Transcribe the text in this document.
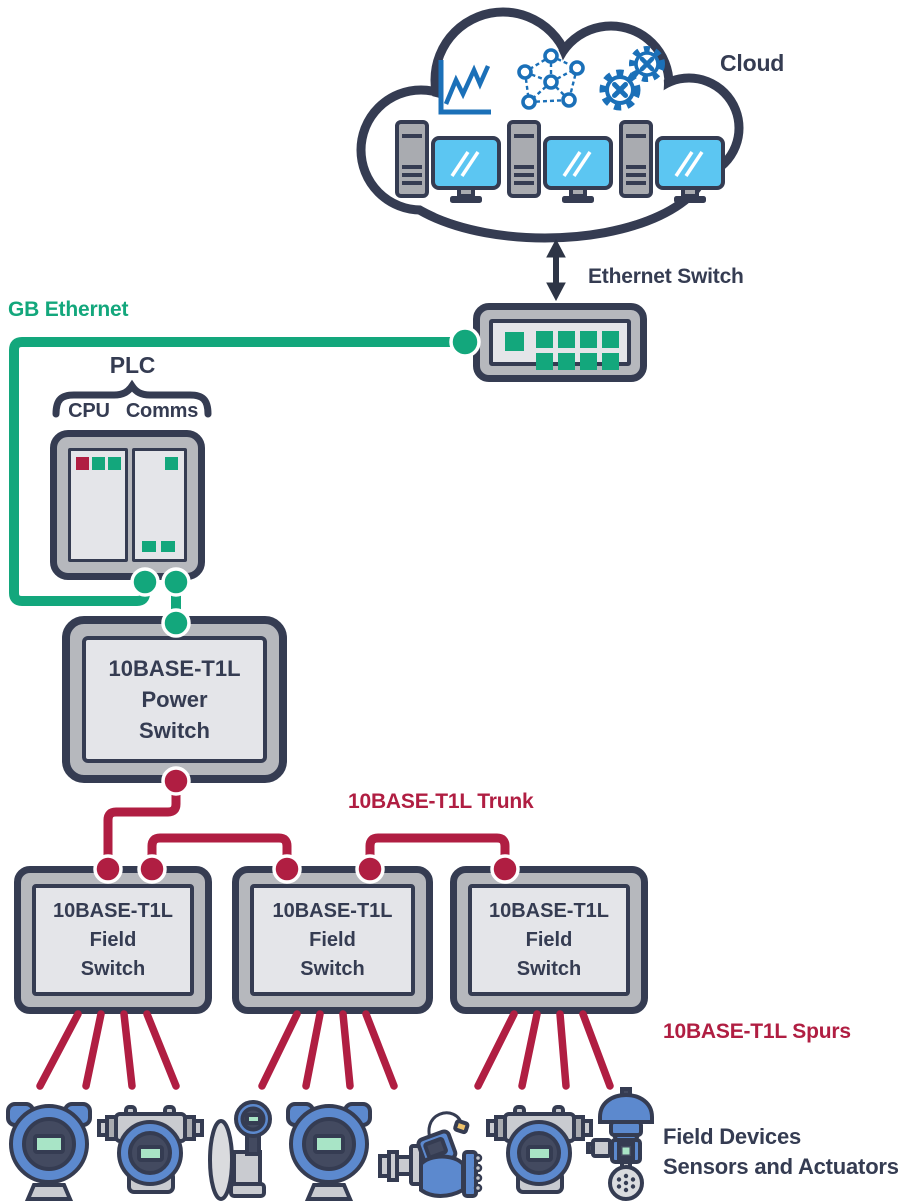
Cloud
Ethernet Switch
PLC
CPU Comms
GB Ethernet
10BASE-T1L
Power
Switch
10BASE-T1L Trunk
10BASE-T1L
Field
Switch
10BASE-T1L
Field
Switch
10BASE-T1L
Field
Switch
10BASE-T1L Spurs
Field Devices
Sensors and Actuators
